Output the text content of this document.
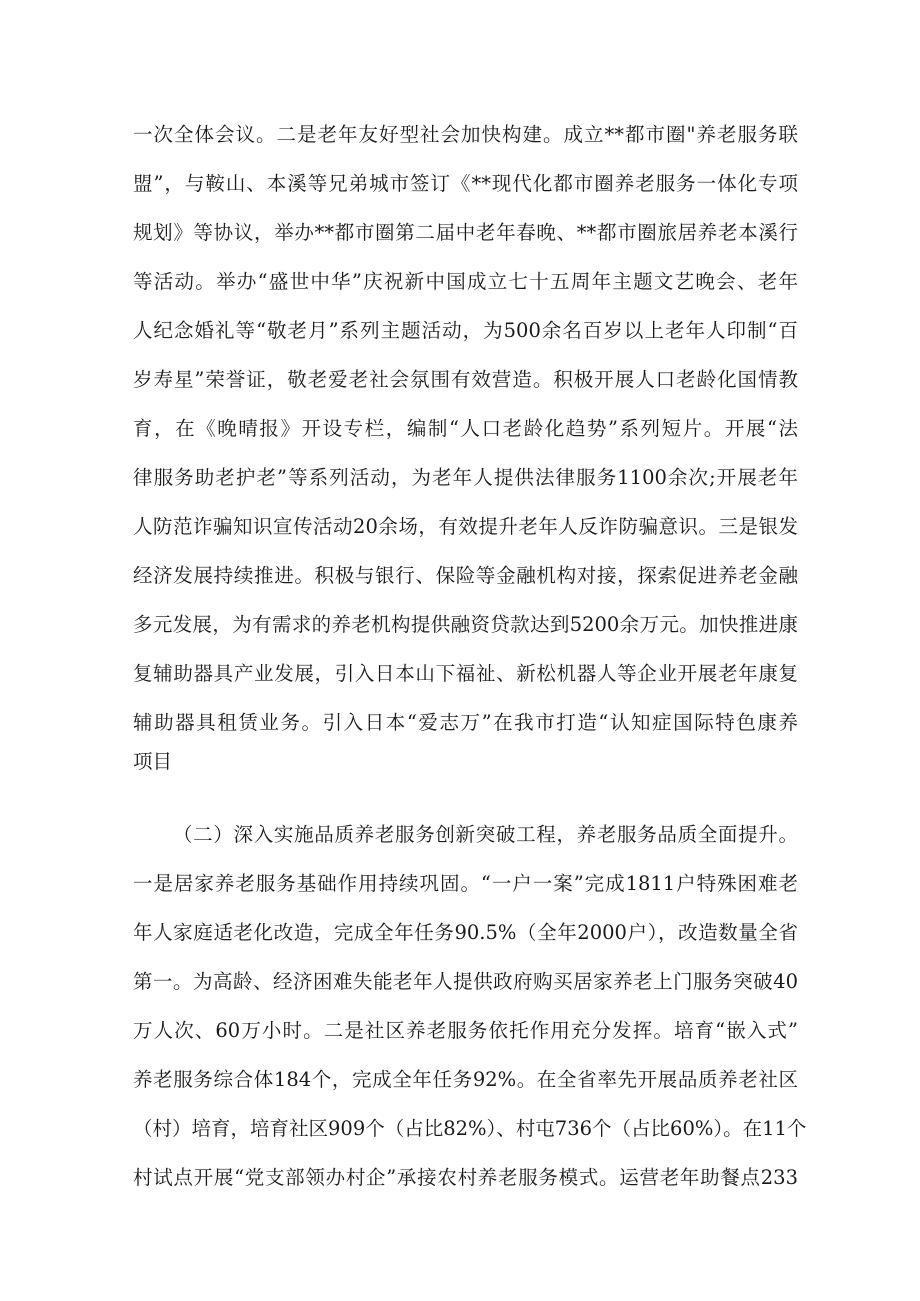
一次全体会议。二是老年友好型社会加快构建。成立**都市圈"养老服务联
盟”，与鞍山、本溪等兄弟城市签订《**现代化都市圈养老服务一体化专项
规划》等协议，举办**都市圈第二届中老年春晚、**都市圈旅居养老本溪行
等活动。举办“盛世中华”庆祝新中国成立七十五周年主题文艺晚会、老年
人纪念婚礼等“敬老月”系列主题活动，为500余名百岁以上老年人印制“百
岁寿星”荣誉证，敬老爱老社会氛围有效营造。积极开展人口老龄化国情教
育，在《晚晴报》开设专栏，编制“人口老龄化趋势”系列短片。开展“法
律服务助老护老”等系列活动，为老年人提供法律服务1100余次;开展老年
人防范诈骗知识宣传活动20余场，有效提升老年人反诈防骗意识。三是银发
经济发展持续推进。积极与银行、保险等金融机构对接，探索促进养老金融
多元发展，为有需求的养老机构提供融资贷款达到5200余万元。加快推进康
复辅助器具产业发展，引入日本山下福祉、新松机器人等企业开展老年康复
辅助器具租赁业务。引入日本“爱志万”在我市打造“认知症国际特色康养
项目
（二）深入实施品质养老服务创新突破工程，养老服务品质全面提升。
一是居家养老服务基础作用持续巩固。“一户一案”完成1811户特殊困难老
年人家庭适老化改造，完成全年任务90.5%（全年2000户），改造数量全省
第一。为高龄、经济困难失能老年人提供政府购买居家养老上门服务突破40
万人次、60万小时。二是社区养老服务依托作用充分发挥。培育“嵌入式”
养老服务综合体184个，完成全年任务92%。在全省率先开展品质养老社区
（村）培育，培育社区909个（占比82%）、村屯736个（占比60%）。在11个
村试点开展“党支部领办村企”承接农村养老服务模式。运营老年助餐点233
